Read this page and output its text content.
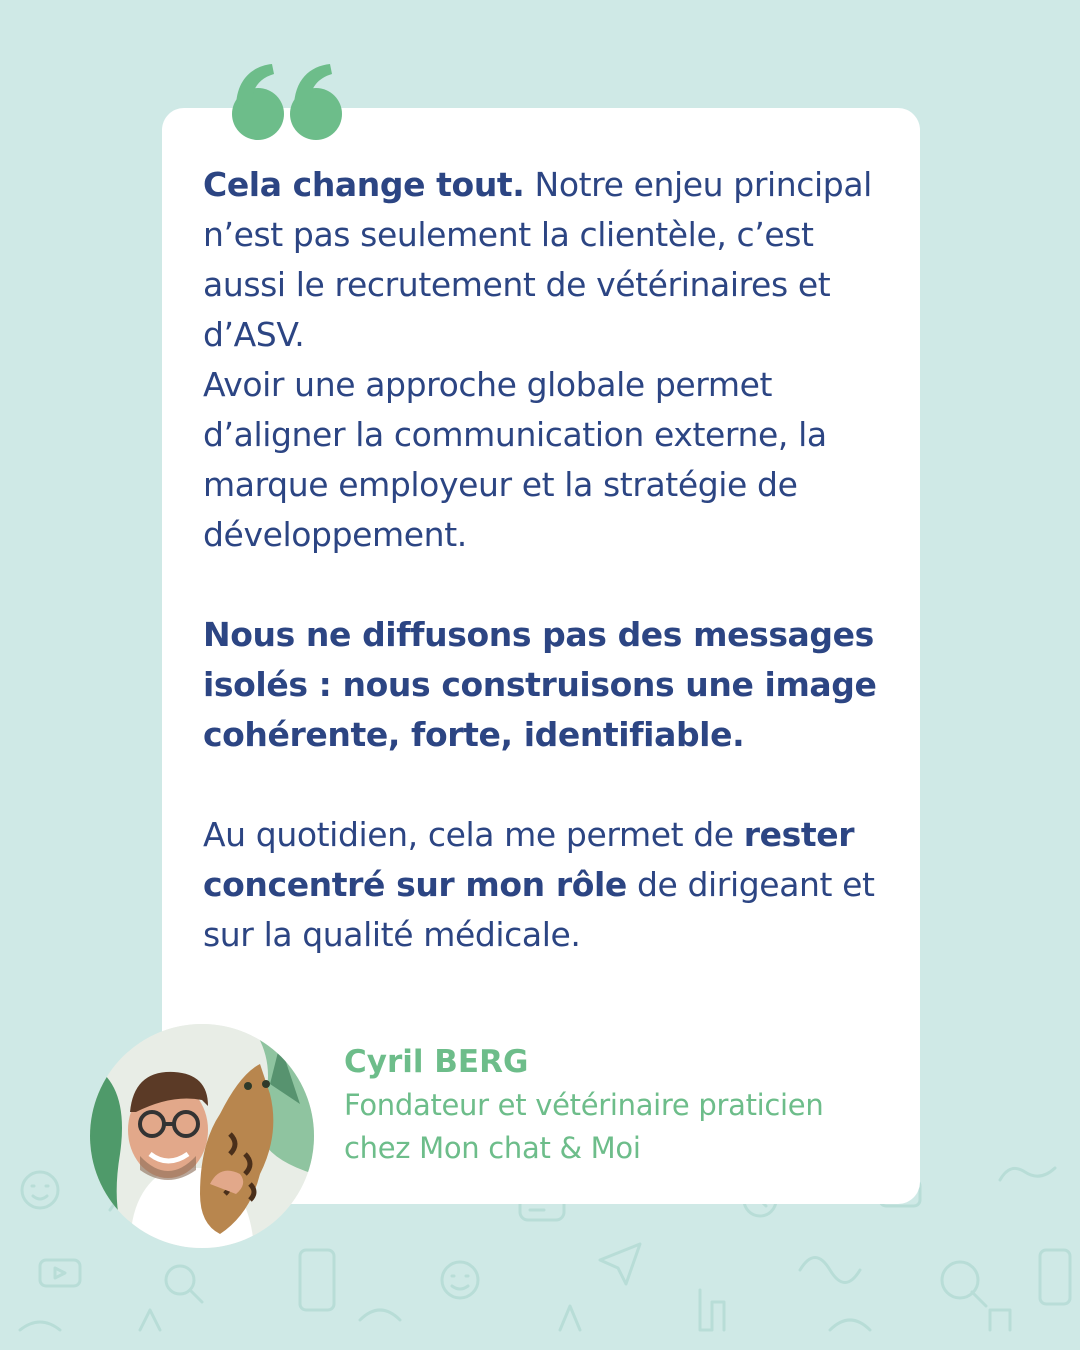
Cela change tout. Notre enjeu principal n’est pas seulement la clientèle, c’est aussi le recrutement de vétérinaires et d’ASV.

Avoir une approche globale permet d’aligner la communication externe, la marque employeur et la stratégie de développement.

Nous ne diffusons pas des messages isolés : nous construisons une image cohérente, forte, identifiable.

Au quotidien, cela me permet de rester concentré sur mon rôle de dirigeant et sur la qualité médicale.

Cyril BERG
Fondateur et vétérinaire praticien
chez Mon chat & Moi
